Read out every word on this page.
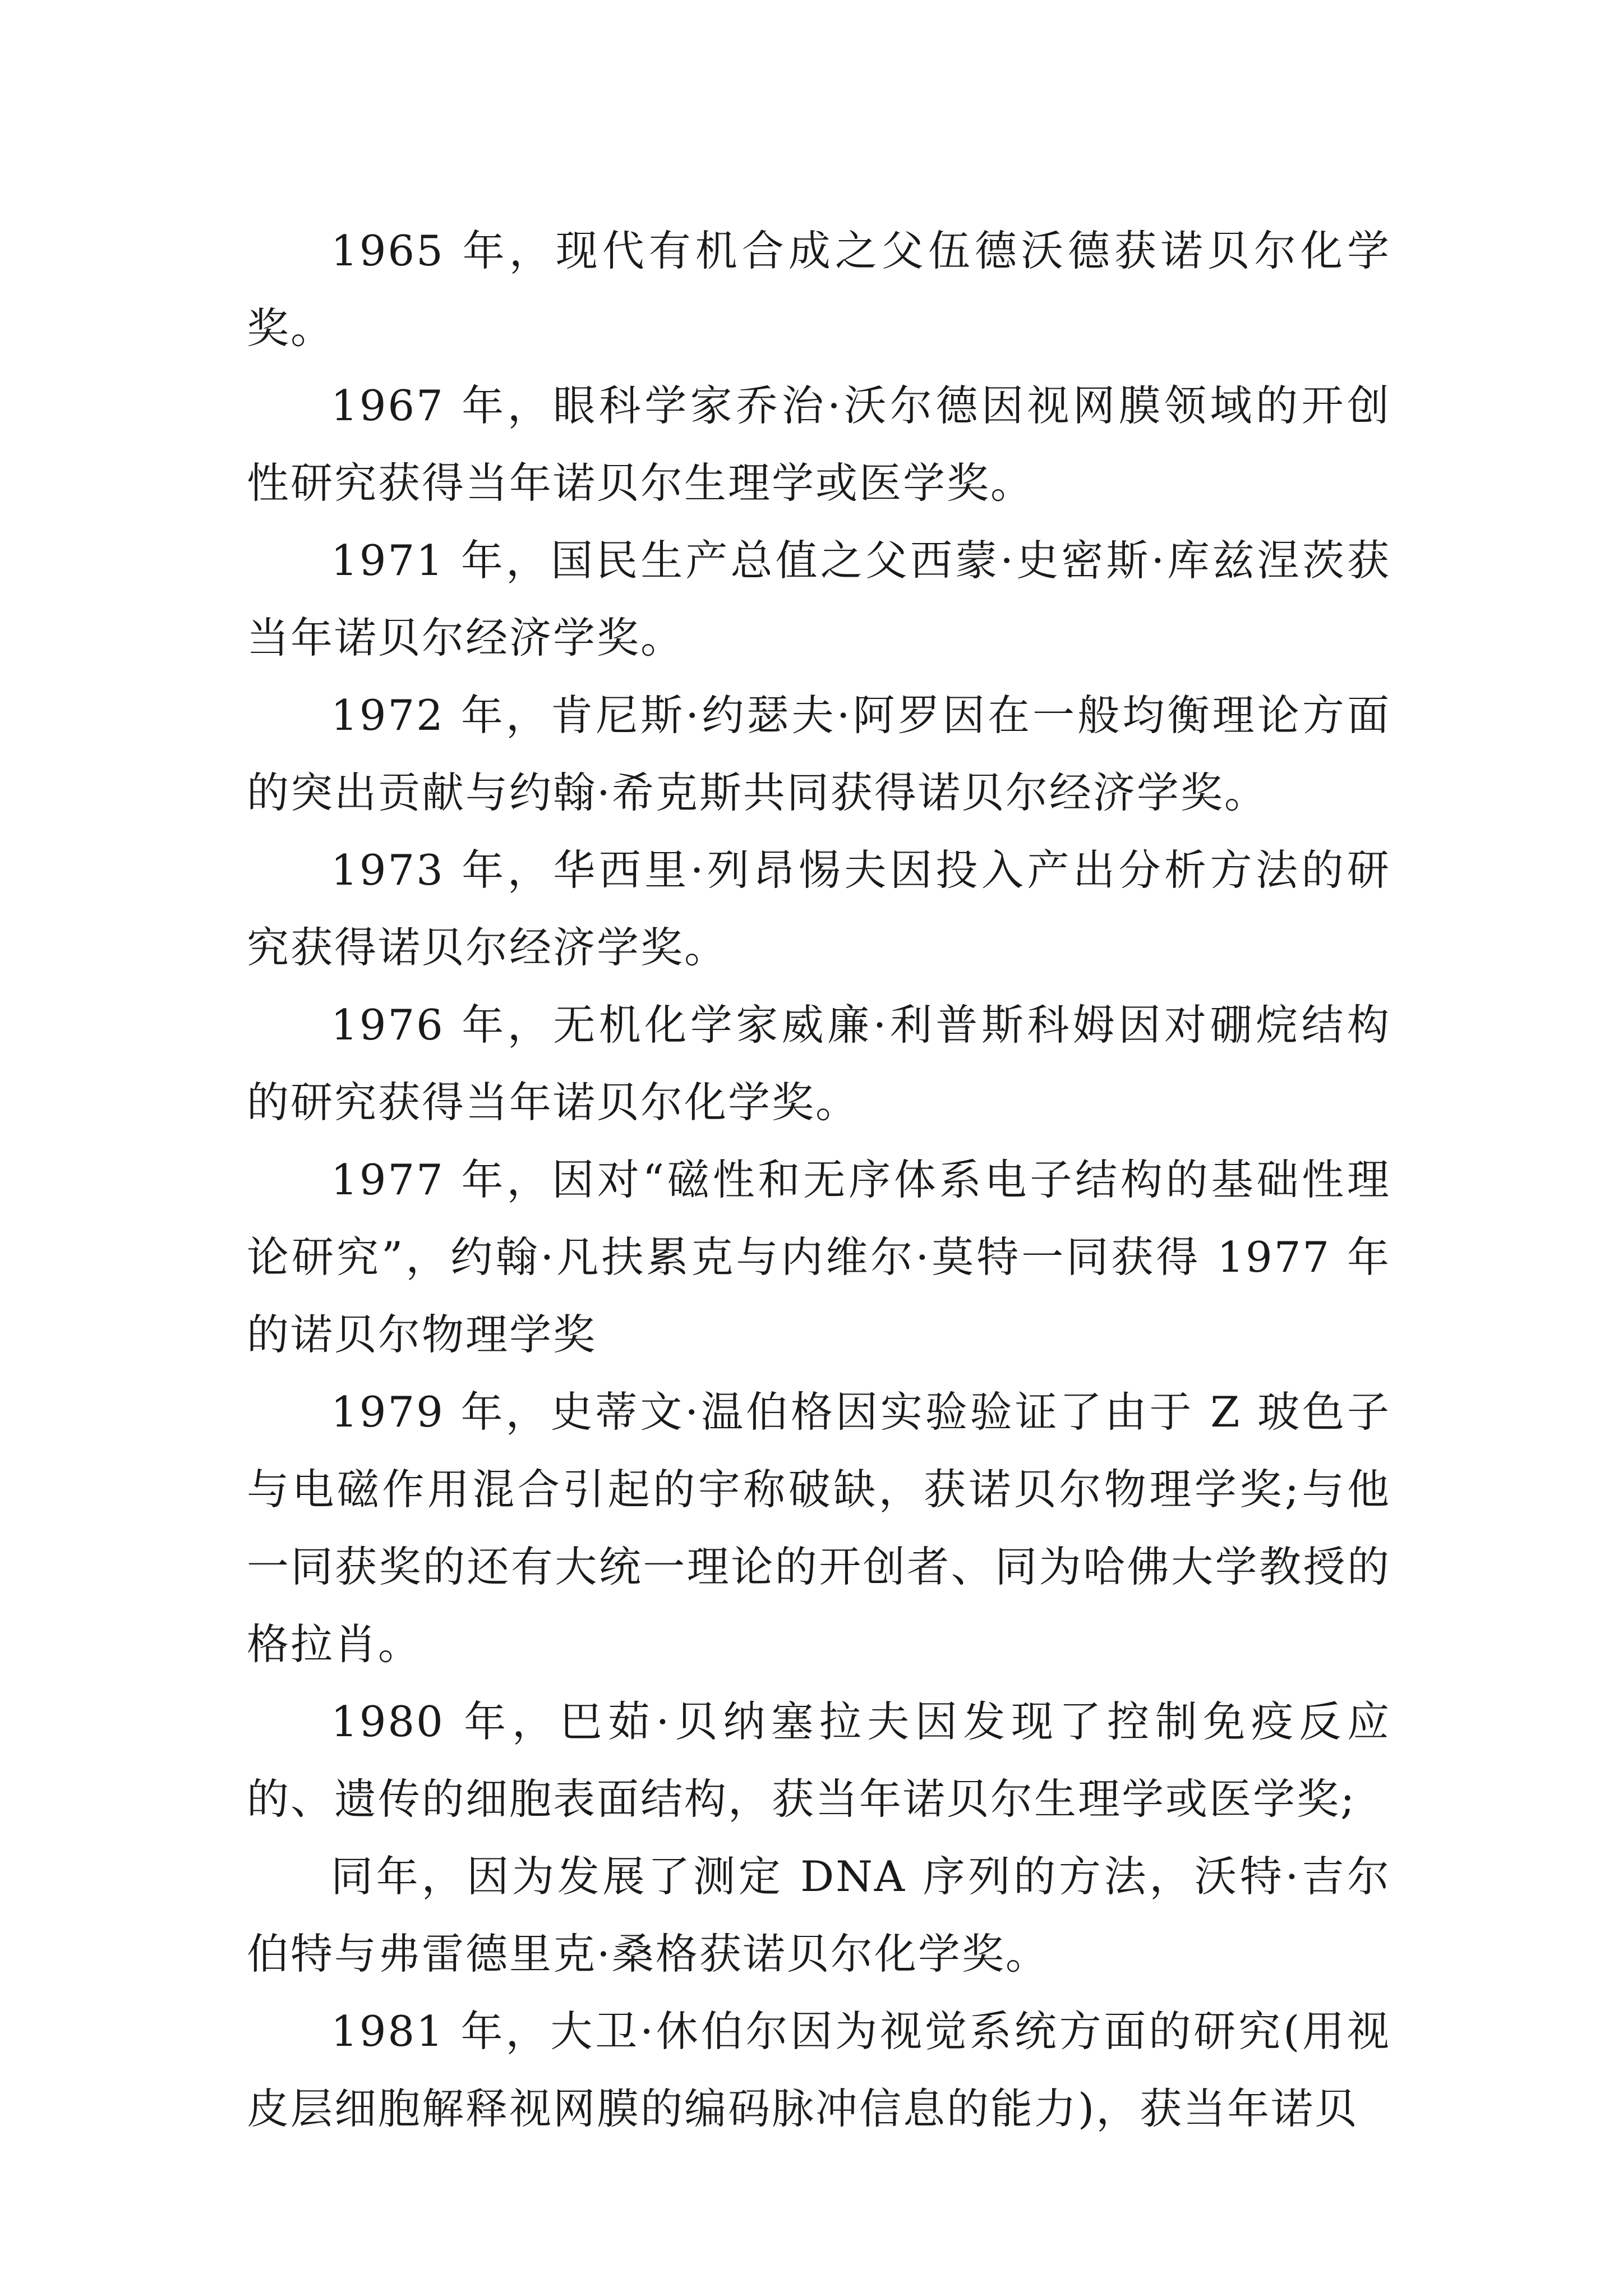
1965 年，现代有机合成之父伍德沃德获诺贝尔化学奖。

1967 年，眼科学家乔治·沃尔德因视网膜领域的开创性研究获得当年诺贝尔生理学或医学奖。

1971 年，国民生产总值之父西蒙·史密斯·库兹涅茨获当年诺贝尔经济学奖。

1972 年，肯尼斯·约瑟夫·阿罗因在一般均衡理论方面的突出贡献与约翰·希克斯共同获得诺贝尔经济学奖。

1973 年，华西里·列昂惕夫因投入产出分析方法的研究获得诺贝尔经济学奖。

1976 年，无机化学家威廉·利普斯科姆因对硼烷结构的研究获得当年诺贝尔化学奖。

1977 年，因对“磁性和无序体系电子结构的基础性理论研究”，约翰·凡扶累克与内维尔·莫特一同获得 1977 年的诺贝尔物理学奖

1979 年，史蒂文·温伯格因实验验证了由于 Z 玻色子与电磁作用混合引起的宇称破缺，获诺贝尔物理学奖;与他一同获奖的还有大统一理论的开创者、同为哈佛大学教授的格拉肖。

1980 年，巴茹·贝纳塞拉夫因发现了控制免疫反应的、遗传的细胞表面结构，获当年诺贝尔生理学或医学奖;

同年，因为发展了测定 DNA 序列的方法，沃特·吉尔伯特与弗雷德里克·桑格获诺贝尔化学奖。

1981 年，大卫·休伯尔因为视觉系统方面的研究(用视皮层细胞解释视网膜的编码脉冲信息的能力)，获当年诺贝
